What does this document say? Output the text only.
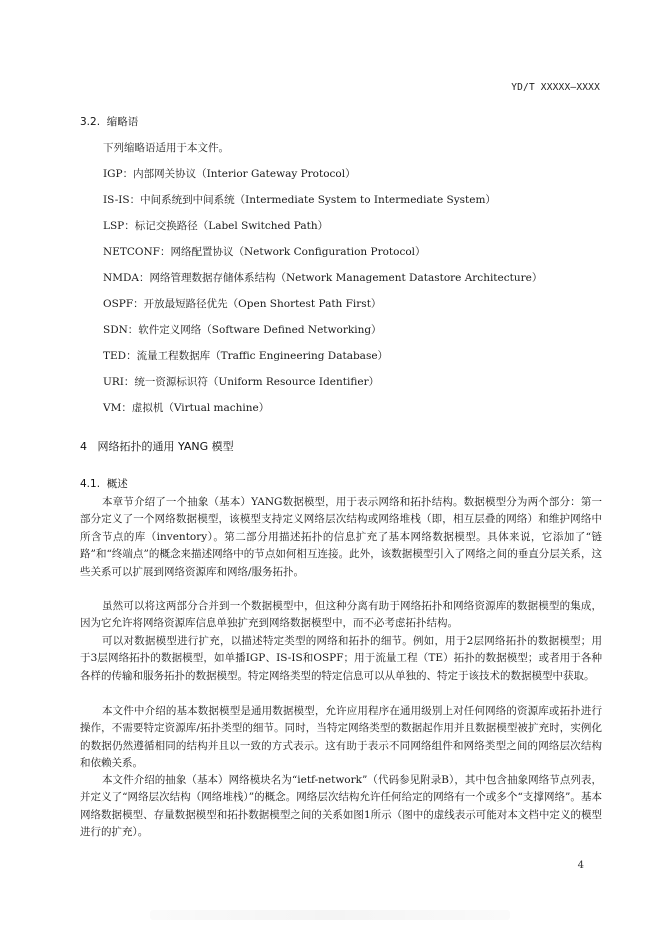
YD/T XXXXX—XXXX
3.2. 缩略语
下列缩略语适用于本文件。
IGP：内部网关协议（Interior Gateway Protocol）
IS-IS：中间系统到中间系统（Intermediate System to Intermediate System）
LSP：标记交换路径（Label Switched Path）
NETCONF：网络配置协议（Network Configuration Protocol）
NMDA：网络管理数据存储体系结构（Network Management Datastore Architecture）
OSPF：开放最短路径优先（Open Shortest Path First）
SDN：软件定义网络（Software Defined Networking）
TED：流量工程数据库（Traffic Engineering Database）
URI：统一资源标识符（Uniform Resource Identifier）
VM：虚拟机（Virtual machine）
4 网络拓扑的通用 YANG 模型
4.1. 概述

本章节介绍了一个抽象（基本）YANG数据模型，用于表示网络和拓扑结构。数据模型分为两个部分：第一部分定义了一个网络数据模型，该模型支持定义网络层次结构或网络堆栈（即，相互层叠的网络）和维护网络中所含节点的库（inventory）。第二部分用描述拓扑的信息扩充了基本网络数据模型。具体来说，它添加了“链路”和“终端点”的概念来描述网络中的节点如何相互连接。此外，该数据模型引入了网络之间的垂直分层关系，这些关系可以扩展到网络资源库和网络/服务拓扑。

虽然可以将这两部分合并到一个数据模型中，但这种分离有助于网络拓扑和网络资源库的数据模型的集成，因为它允许将网络资源库信息单独扩充到网络数据模型中，而不必考虑拓扑结构。

可以对数据模型进行扩充，以描述特定类型的网络和拓扑的细节。例如，用于2层网络拓扑的数据模型；用于3层网络拓扑的数据模型，如单播IGP、IS-IS和OSPF；用于流量工程（TE）拓扑的数据模型；或者用于各种各样的传输和服务拓扑的数据模型。特定网络类型的特定信息可以从单独的、特定于该技术的数据模型中获取。

本文件中介绍的基本数据模型是通用数据模型，允许应用程序在通用级别上对任何网络的资源库或拓扑进行操作，不需要特定资源库/拓扑类型的细节。同时，当特定网络类型的数据起作用并且数据模型被扩充时，实例化的数据仍然遵循相同的结构并且以一致的方式表示。这有助于表示不同网络组件和网络类型之间的网络层次结构和依赖关系。

本文件介绍的抽象（基本）网络模块名为“ietf-network”（代码参见附录B），其中包含抽象网络节点列表，并定义了“网络层次结构（网络堆栈）”的概念。网络层次结构允许任何给定的网络有一个或多个“支撑网络”。基本网络数据模型、存量数据模型和拓扑数据模型之间的关系如图1所示（图中的虚线表示可能对本文档中定义的模型进行的扩充）。

4
